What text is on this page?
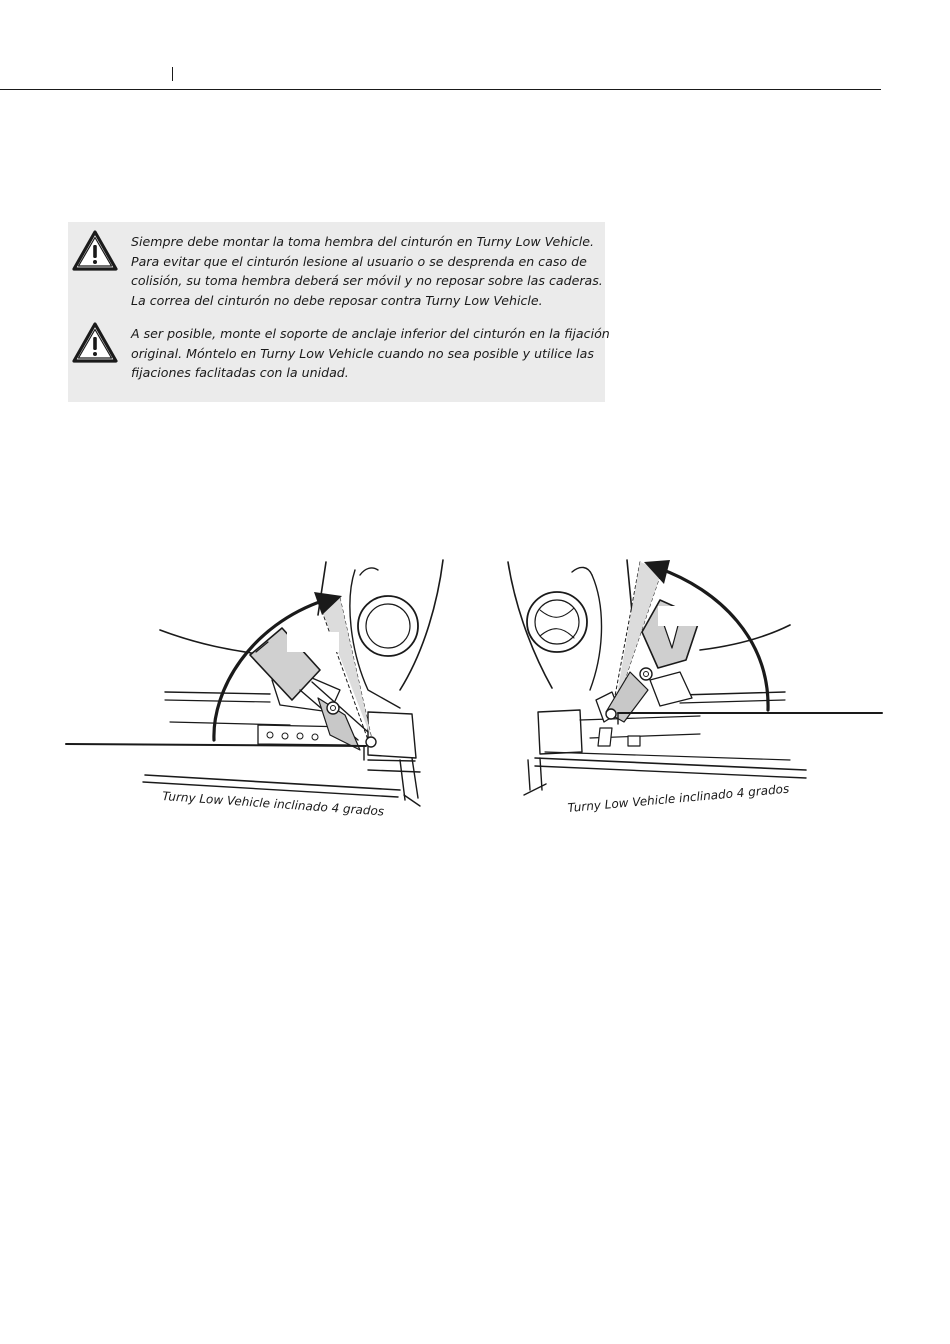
Siempre debe montar la toma hembra del cinturón en Turny Low Vehicle.
Para evitar que el cinturón lesione al usuario o se desprenda en caso de
colisión, su toma hembra deberá ser móvil y no reposar sobre las caderas.
La correa del cinturón no debe reposar contra Turny Low Vehicle.
A ser posible, monte el soporte de anclaje inferior del cinturón en la fijación
original. Móntelo en Turny Low Vehicle cuando no sea posible y utilice las
fijaciones faclitadas con la unidad.
Turny Low Vehicle inclinado 4 grados	Turny Low Vehicle inclinado 4 grados
